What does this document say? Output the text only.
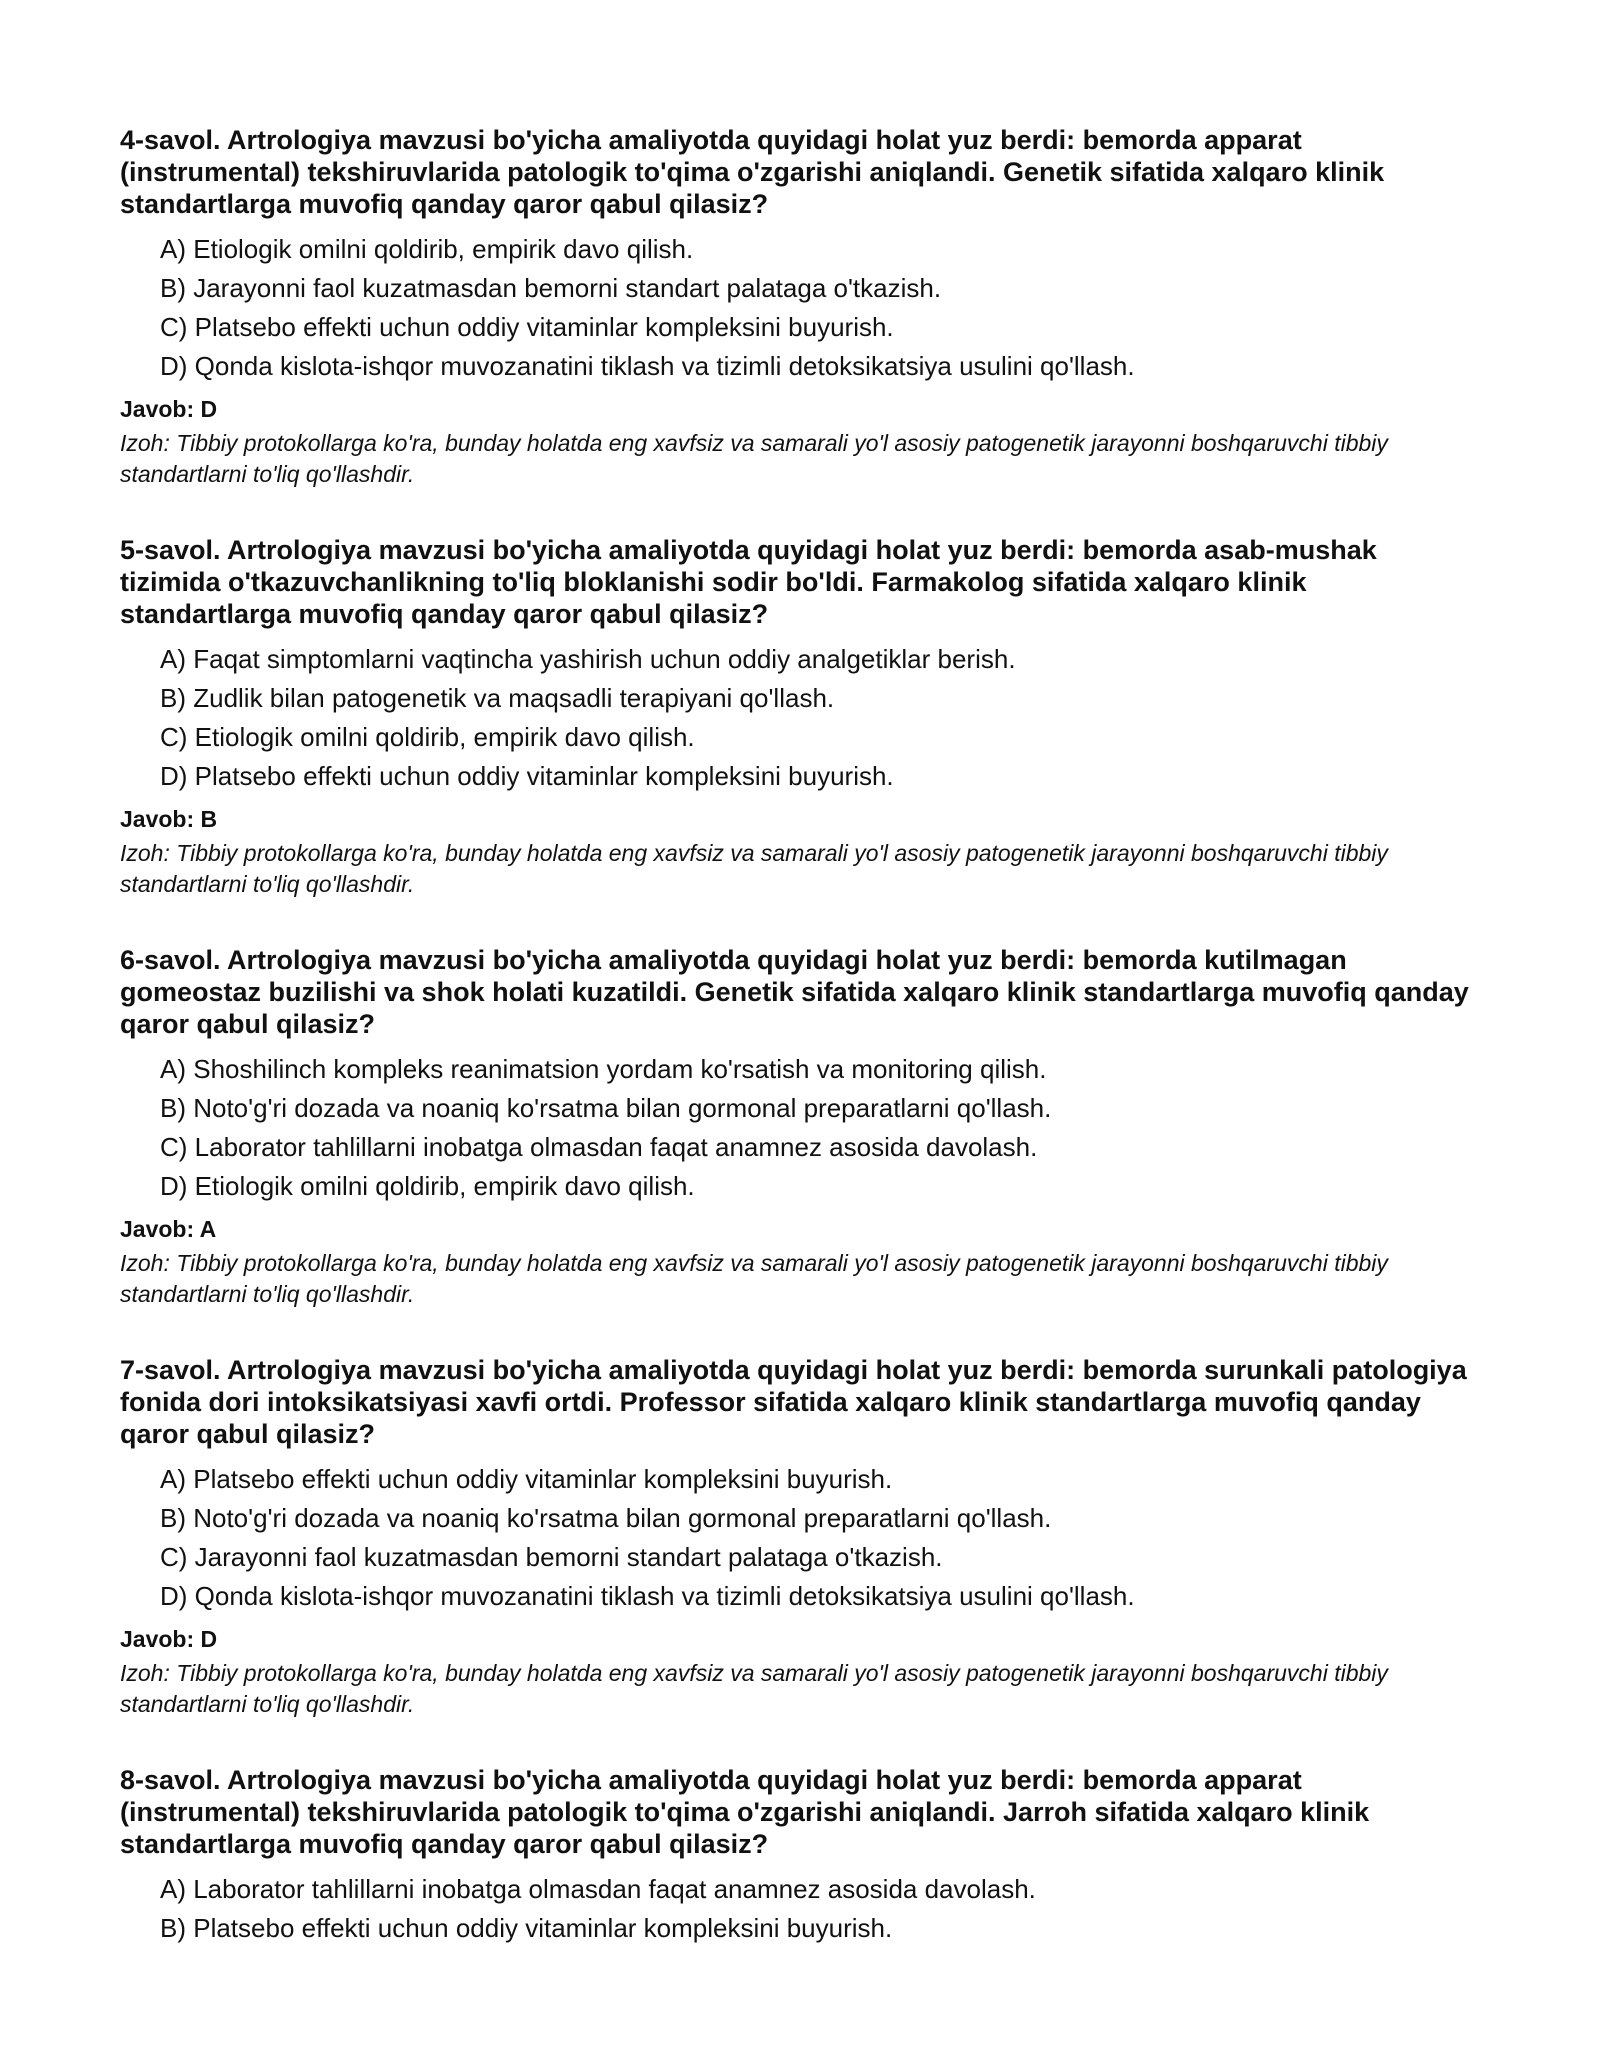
4-savol. Artrologiya mavzusi bo'yicha amaliyotda quyidagi holat yuz berdi: bemorda apparat (instrumental) tekshiruvlarida patologik to'qima o'zgarishi aniqlandi. Genetik sifatida xalqaro klinik standartlarga muvofiq qanday qaror qabul qilasiz?

A) Etiologik omilni qoldirib, empirik davo qilish.
B) Jarayonni faol kuzatmasdan bemorni standart palataga o'tkazish.
C) Platsebo effekti uchun oddiy vitaminlar kompleksini buyurish.
D) Qonda kislota-ishqor muvozanatini tiklash va tizimli detoksikatsiya usulini qo'llash.

Javob: D

Izoh: Tibbiy protokollarga ko'ra, bunday holatda eng xavfsiz va samarali yo'l asosiy patogenetik jarayonni boshqaruvchi tibbiy standartlarni to'liq qo'llashdir.

5-savol. Artrologiya mavzusi bo'yicha amaliyotda quyidagi holat yuz berdi: bemorda asab-mushak tizimida o'tkazuvchanlikning to'liq bloklanishi sodir bo'ldi. Farmakolog sifatida xalqaro klinik standartlarga muvofiq qanday qaror qabul qilasiz?

A) Faqat simptomlarni vaqtincha yashirish uchun oddiy analgetiklar berish.
B) Zudlik bilan patogenetik va maqsadli terapiyani qo'llash.
C) Etiologik omilni qoldirib, empirik davo qilish.
D) Platsebo effekti uchun oddiy vitaminlar kompleksini buyurish.

Javob: B

Izoh: Tibbiy protokollarga ko'ra, bunday holatda eng xavfsiz va samarali yo'l asosiy patogenetik jarayonni boshqaruvchi tibbiy standartlarni to'liq qo'llashdir.

6-savol. Artrologiya mavzusi bo'yicha amaliyotda quyidagi holat yuz berdi: bemorda kutilmagan gomeostaz buzilishi va shok holati kuzatildi. Genetik sifatida xalqaro klinik standartlarga muvofiq qanday qaror qabul qilasiz?

A) Shoshilinch kompleks reanimatsion yordam ko'rsatish va monitoring qilish.
B) Noto'g'ri dozada va noaniq ko'rsatma bilan gormonal preparatlarni qo'llash.
C) Laborator tahlillarni inobatga olmasdan faqat anamnez asosida davolash.
D) Etiologik omilni qoldirib, empirik davo qilish.

Javob: A

Izoh: Tibbiy protokollarga ko'ra, bunday holatda eng xavfsiz va samarali yo'l asosiy patogenetik jarayonni boshqaruvchi tibbiy standartlarni to'liq qo'llashdir.

7-savol. Artrologiya mavzusi bo'yicha amaliyotda quyidagi holat yuz berdi: bemorda surunkali patologiya fonida dori intoksikatsiyasi xavfi ortdi. Professor sifatida xalqaro klinik standartlarga muvofiq qanday qaror qabul qilasiz?

A) Platsebo effekti uchun oddiy vitaminlar kompleksini buyurish.
B) Noto'g'ri dozada va noaniq ko'rsatma bilan gormonal preparatlarni qo'llash.
C) Jarayonni faol kuzatmasdan bemorni standart palataga o'tkazish.
D) Qonda kislota-ishqor muvozanatini tiklash va tizimli detoksikatsiya usulini qo'llash.

Javob: D

Izoh: Tibbiy protokollarga ko'ra, bunday holatda eng xavfsiz va samarali yo'l asosiy patogenetik jarayonni boshqaruvchi tibbiy standartlarni to'liq qo'llashdir.

8-savol. Artrologiya mavzusi bo'yicha amaliyotda quyidagi holat yuz berdi: bemorda apparat (instrumental) tekshiruvlarida patologik to'qima o'zgarishi aniqlandi. Jarroh sifatida xalqaro klinik standartlarga muvofiq qanday qaror qabul qilasiz?

A) Laborator tahlillarni inobatga olmasdan faqat anamnez asosida davolash.
B) Platsebo effekti uchun oddiy vitaminlar kompleksini buyurish.
